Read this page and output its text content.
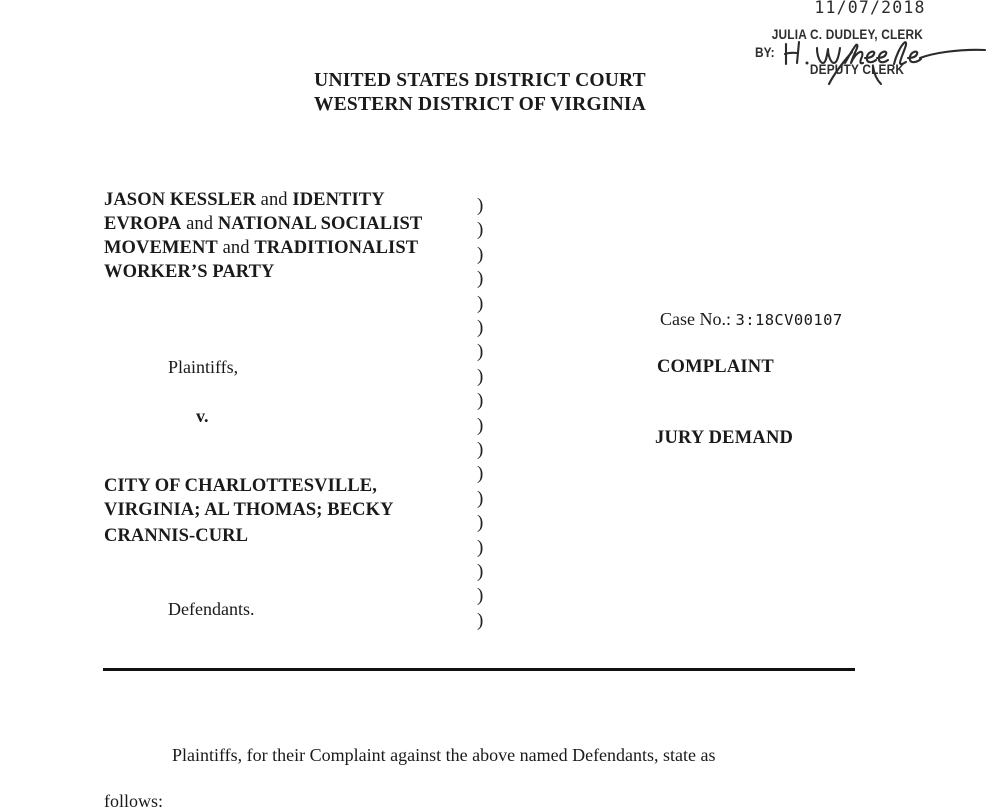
11/07/2018
JULIA C. DUDLEY, CLERK
BY:
DEPUTY CLERK
UNITED STATES DISTRICT COURT
WESTERN DISTRICT OF VIRGINIA
JASON KESSLER and IDENTITY
EVROPA and NATIONAL SOCIALIST
MOVEMENT and TRADITIONALIST
WORKER’S PARTY
CITY OF CHARLOTTESVILLE,
VIRGINIA; AL THOMAS; BECKY
CRANNIS-CURL
Plaintiffs,
v.
Defendants.
)
)
)
)
)
)
)
)
)
)
)
)
)
)
)
)
)
)
Case No.: 3:18CV00107
COMPLAINT
JURY DEMAND
Plaintiffs, for their Complaint against the above named Defendants, state as
follows:
